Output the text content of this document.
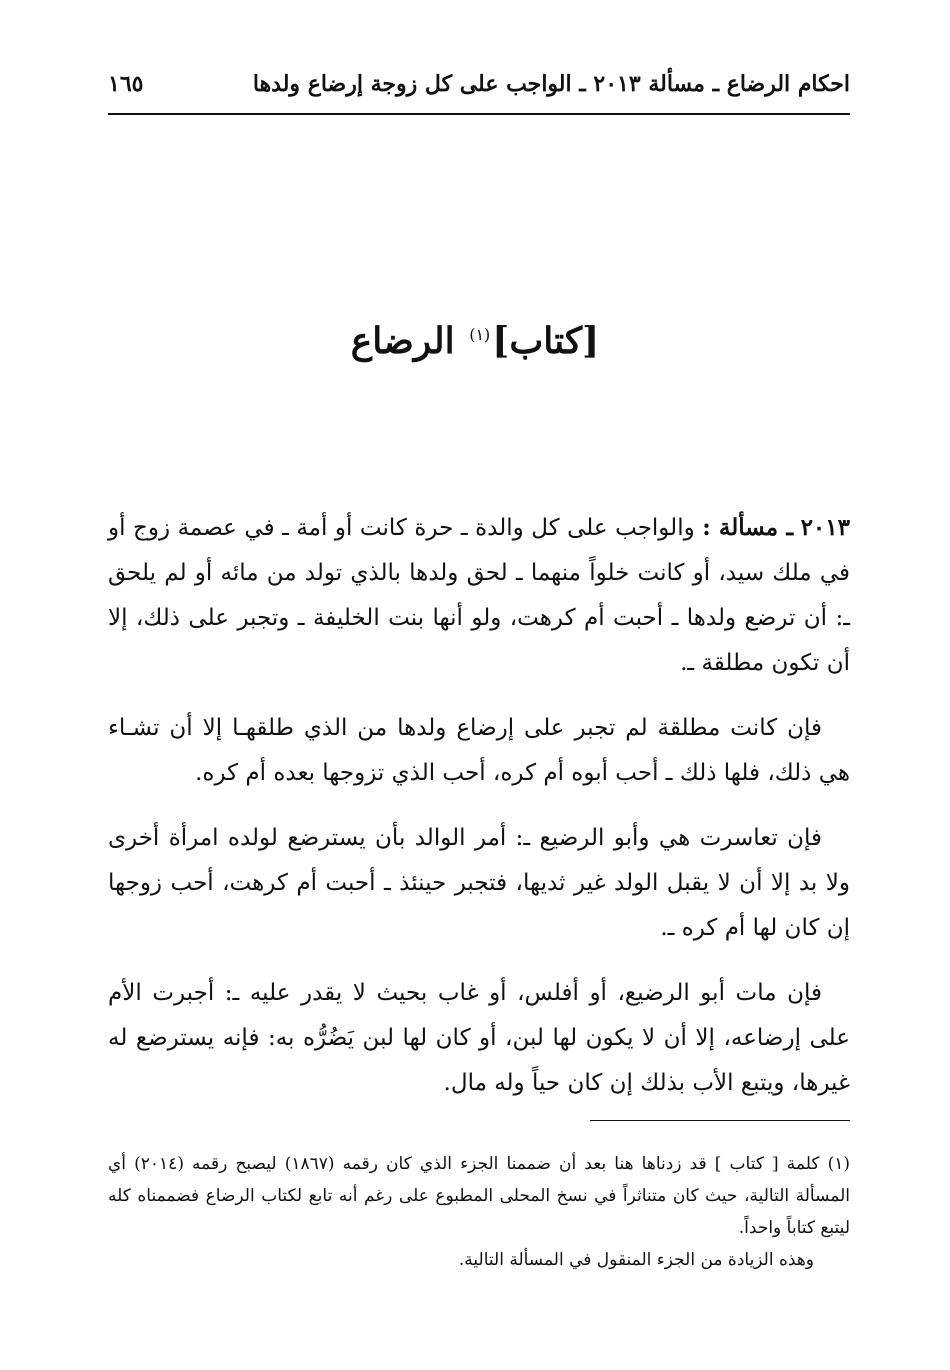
احكام الرضاع ـ مسألة ٢٠١٣ ـ الواجب على كل زوجة إرضاع ولدها
١٦٥
[كتاب]$^{(١)}$ الرضاع

٢٠١٣ ـ مسألة : والواجب على كل والدة ـ حرة كانت أو أمة ـ في عصمة زوج أو في ملك سيد، أو كانت خلواً منهما ـ لحق ولدها بالذي تولد من مائه أو لم يلحق ـ: أن ترضع ولدها ـ أحبت أم كرهت، ولو أنها بنت الخليفة ـ وتجبر على ذلك، إلا أن تكون مطلقة ـ.

فإن كانت مطلقة لم تجبر على إرضاع ولدها من الذي طلقهـا إلا أن تشـاء هي ذلك، فلها ذلك ـ أحب أبوه أم كره، أحب الذي تزوجها بعده أم كره.

فإن تعاسرت هي وأبو الرضيع ـ: أمر الوالد بأن يسترضع لولده امرأة أخرى ولا بد إلا أن لا يقبل الولد غير ثديها، فتجبر حينئذ ـ أحبت أم كرهت، أحب زوجها إن كان لها أم كره ـ.

فإن مات أبو الرضيع، أو أفلس، أو غاب بحيث لا يقدر عليه ـ: أجبرت الأم على إرضاعه، إلا أن لا يكون لها لبن، أو كان لها لبن يَضُرُّه به: فإنه يسترضع له غيرها، ويتبع الأب بذلك إن كان حياً وله مال.

(١) كلمة [ كتاب ] قد زدناها هنا بعد أن ضممنا الجزء الذي كان رقمه (١٨٦٧) ليصبح رقمه (٢٠١٤) أي المسألة التالية، حيث كان متناثراً في نسخ المحلى المطبوع على رغم أنه تابع لكتاب الرضاع فضممناه كله ليتبع كتاباً واحداً.

وهذه الزيادة من الجزء المنقول في المسألة التالية.
